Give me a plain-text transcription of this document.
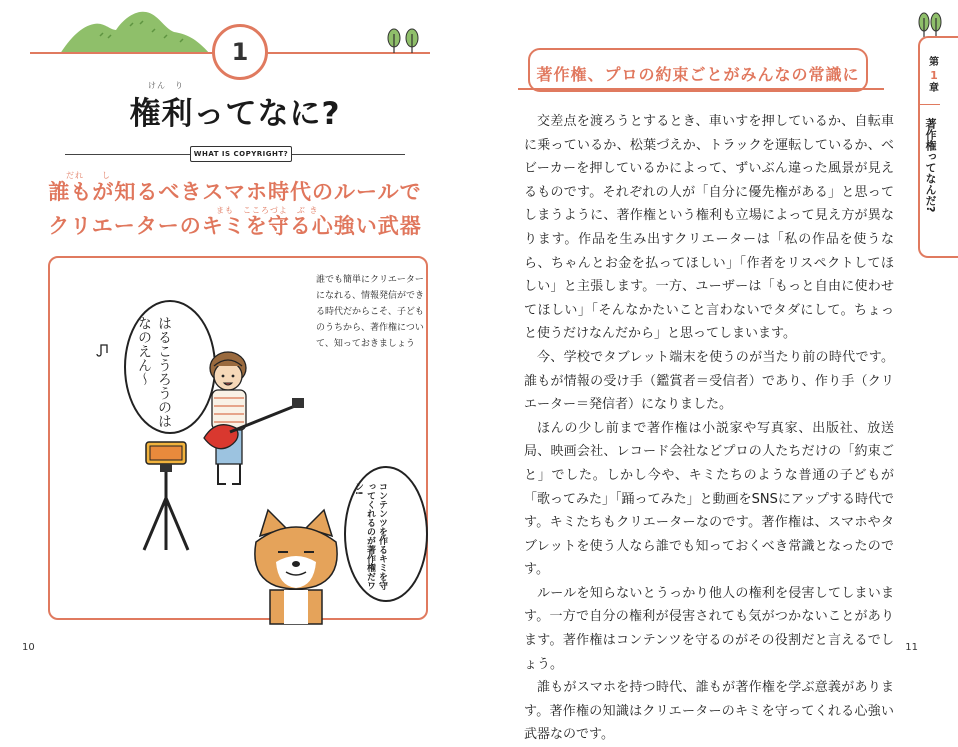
1
けん　り
権利ってなに?
WHAT IS COPYRIGHT?
だれ　　し
誰もが知るべきスマホ時代のルールで
まも　こころづよ　ぶ き
クリエーターのキミを守る心強い武器
誰でも簡単にクリエーターになれる、情報発信ができる時代だからこそ、子どものうちから、著作権について、知っておきましょう
はるこうろうのはなのえん～
コンテンツを作るキミを守ってくれるのが著作権だワン!
10
著作権、プロの約束ごとがみんなの常識に

交差点を渡ろうとするとき、車いすを押しているか、自転車に乗っているか、松葉づえか、トラックを運転しているか、ベビーカーを押しているかによって、ずいぶん違った風景が見えるものです。それぞれの人が「自分に優先権がある」と思ってしまうように、著作権という権利も立場によって見え方が異なります。作品を生み出すクリエーターは「私の作品を使うなら、ちゃんとお金を払ってほしい」「作者をリスペクトしてほしい」と主張します。一方、ユーザーは「もっと自由に使わせてほしい」「そんなかたいこと言わないでタダにして。ちょっと使うだけなんだから」と思ってしまいます。

今、学校でタブレット端末を使うのが当たり前の時代です。誰もが情報の受け手（鑑賞者＝受信者）であり、作り手（クリエーター＝発信者）になりました。

ほんの少し前まで著作権は小説家や写真家、出版社、放送局、映画会社、レコード会社などプロの人たちだけの「約束ごと」でした。しかし今や、キミたちのような普通の子どもが「歌ってみた」「踊ってみた」と動画をSNSにアップする時代です。キミたちもクリエーターなのです。著作権は、スマホやタブレットを使う人なら誰でも知っておくべき常識となったのです。

ルールを知らないとうっかり他人の権利を侵害してしまいます。一方で自分の権利が侵害されても気がつかないことがあります。著作権はコンテンツを守るのがその役割だと言えるでしょう。

誰もがスマホを持つ時代、誰もが著作権を学ぶ意義があります。著作権の知識はクリエーターのキミを守ってくれる心強い武器なのです。

第
1
章
著作権ってなんだ?
11
